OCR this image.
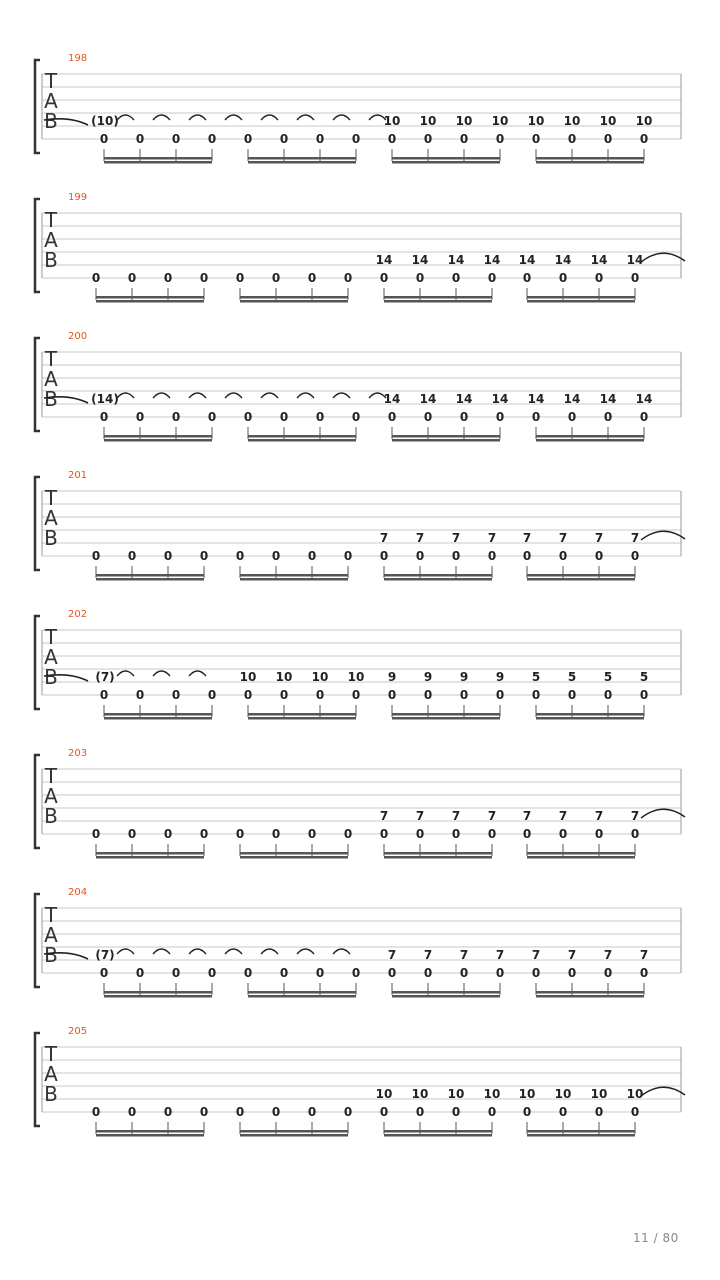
198
T
A
B
0
(10)
0 0 0 0 0 0 0 0
10
0
10
0
10
0
10
0
10
0
10
0
10
0
10
199
T
A
B
0 0 0 0 0 0 0 0 0
14
0
14
0
14
0
14
0
14
0
14
0
14
0
14
200
T
A
B
0
(14)
0 0 0 0 0 0 0 0
14
0
14
0
14
0
14
0
14
0
14
0
14
0
14
201
T
A
B
0 0 0 0 0 0 0 0 0
7
0
7
0
7
0
7
0
7
0
7
0
7
0
7
202
T
A
B
0
(7)
0 0 0 0
10
0
10
0
10
0
10
0
9
0
9
0
9
0
9
0
5
0
5
0
5
0
5
203
T
A
B
0 0 0 0 0 0 0 0 0
7
0
7
0
7
0
7
0
7
0
7
0
7
0
7
204
T
A
B
0
(7)
0 0 0 0 0 0 0 0
7
0
7
0
7
0
7
0
7
0
7
0
7
0
7
205
T
A
B
0 0 0 0 0 0 0 0 0
10
0
10
0
10
0
10
0
10
0
10
0
10
0
10
11 / 80
